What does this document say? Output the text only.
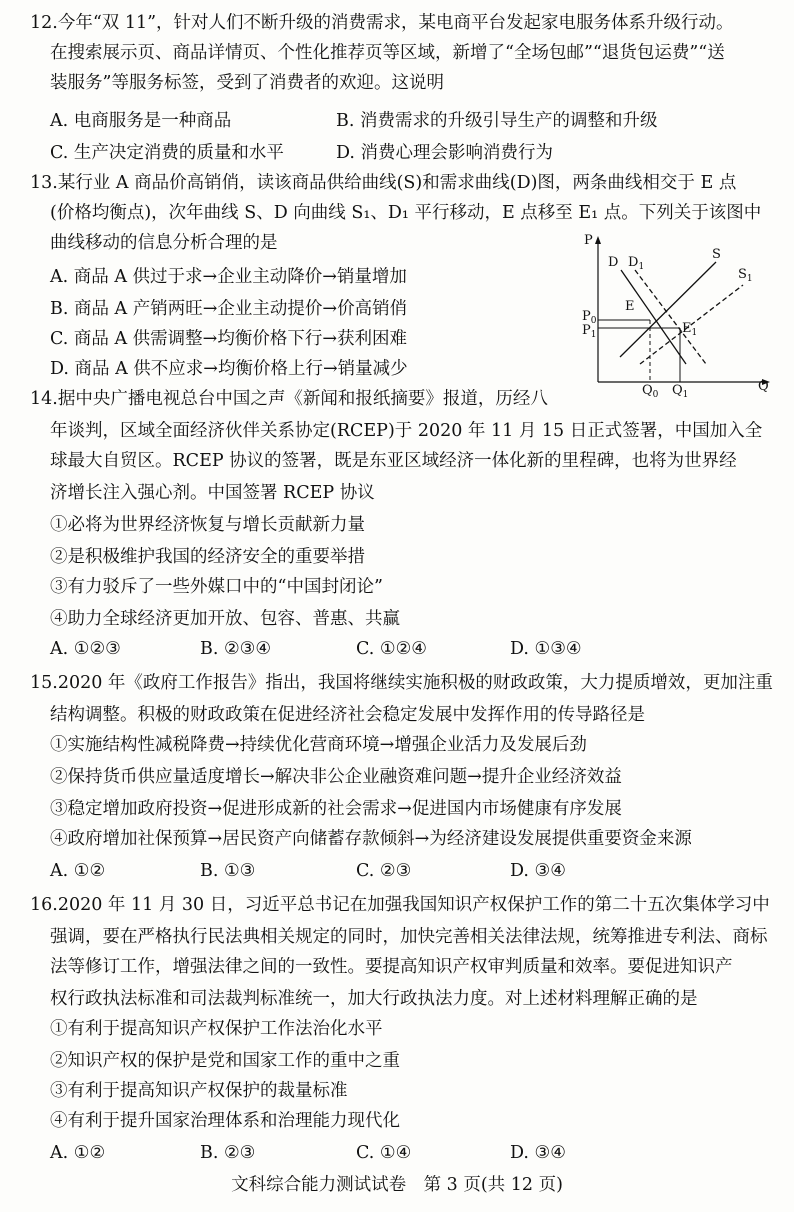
12.今年“双 11”，针对人们不断升级的消费需求，某电商平台发起家电服务体系升级行动。
在搜索展示页、商品详情页、个性化推荐页等区域，新增了“全场包邮”“退货包运费”“送
装服务”等服务标签，受到了消费者的欢迎。这说明
A. 电商服务是一种商品	B. 消费需求的升级引导生产的调整和升级
C. 生产决定消费的质量和水平	D. 消费心理会影响消费行为
13.某行业 A 商品价高销俏，读该商品供给曲线(S)和需求曲线(D)图，两条曲线相交于 E 点
(价格均衡点)，次年曲线 S、D 向曲线 S₁、D₁ 平行移动，E 点移至 E₁ 点。下列关于该图中
曲线移动的信息分析合理的是
A. 商品 A 供过于求→企业主动降价→销量增加
B. 商品 A 产销两旺→企业主动提价→价高销俏
C. 商品 A 供需调整→均衡价格下行→获利困难
D. 商品 A 供不应求→均衡价格上行→销量减少
P
Q
D $D_1$
S
$S_1$
E
$E_1$
$P_0$
$P_1$
$Q_0$ $Q_1$
14.据中央广播电视总台中国之声《新闻和报纸摘要》报道，历经八
年谈判，区域全面经济伙伴关系协定(RCEP)于 2020 年 11 月 15 日正式签署，中国加入全
球最大自贸区。RCEP 协议的签署，既是东亚区域经济一体化新的里程碑，也将为世界经
济增长注入强心剂。中国签署 RCEP 协议
①必将为世界经济恢复与增长贡献新力量
②是积极维护我国的经济安全的重要举措
③有力驳斥了一些外媒口中的“中国封闭论”
④助力全球经济更加开放、包容、普惠、共赢
A. ①②③	B. ②③④	C. ①②④	D. ①③④
15.2020 年《政府工作报告》指出，我国将继续实施积极的财政政策，大力提质增效，更加注重
结构调整。积极的财政政策在促进经济社会稳定发展中发挥作用的传导路径是
①实施结构性减税降费→持续优化营商环境→增强企业活力及发展后劲
②保持货币供应量适度增长→解决非公企业融资难问题→提升企业经济效益
③稳定增加政府投资→促进形成新的社会需求→促进国内市场健康有序发展
④政府增加社保预算→居民资产向储蓄存款倾斜→为经济建设发展提供重要资金来源
A. ①②	B. ①③	C. ②③	D. ③④
16.2020 年 11 月 30 日，习近平总书记在加强我国知识产权保护工作的第二十五次集体学习中
强调，要在严格执行民法典相关规定的同时，加快完善相关法律法规，统筹推进专利法、商标
法等修订工作，增强法律之间的一致性。要提高知识产权审判质量和效率。要促进知识产
权行政执法标准和司法裁判标准统一，加大行政执法力度。对上述材料理解正确的是
①有利于提高知识产权保护工作法治化水平
②知识产权的保护是党和国家工作的重中之重
③有利于提高知识产权保护的裁量标准
④有利于提升国家治理体系和治理能力现代化
A. ①②	B. ②③	C. ①④	D. ③④
文科综合能力测试试卷　第 3 页(共 12 页)
